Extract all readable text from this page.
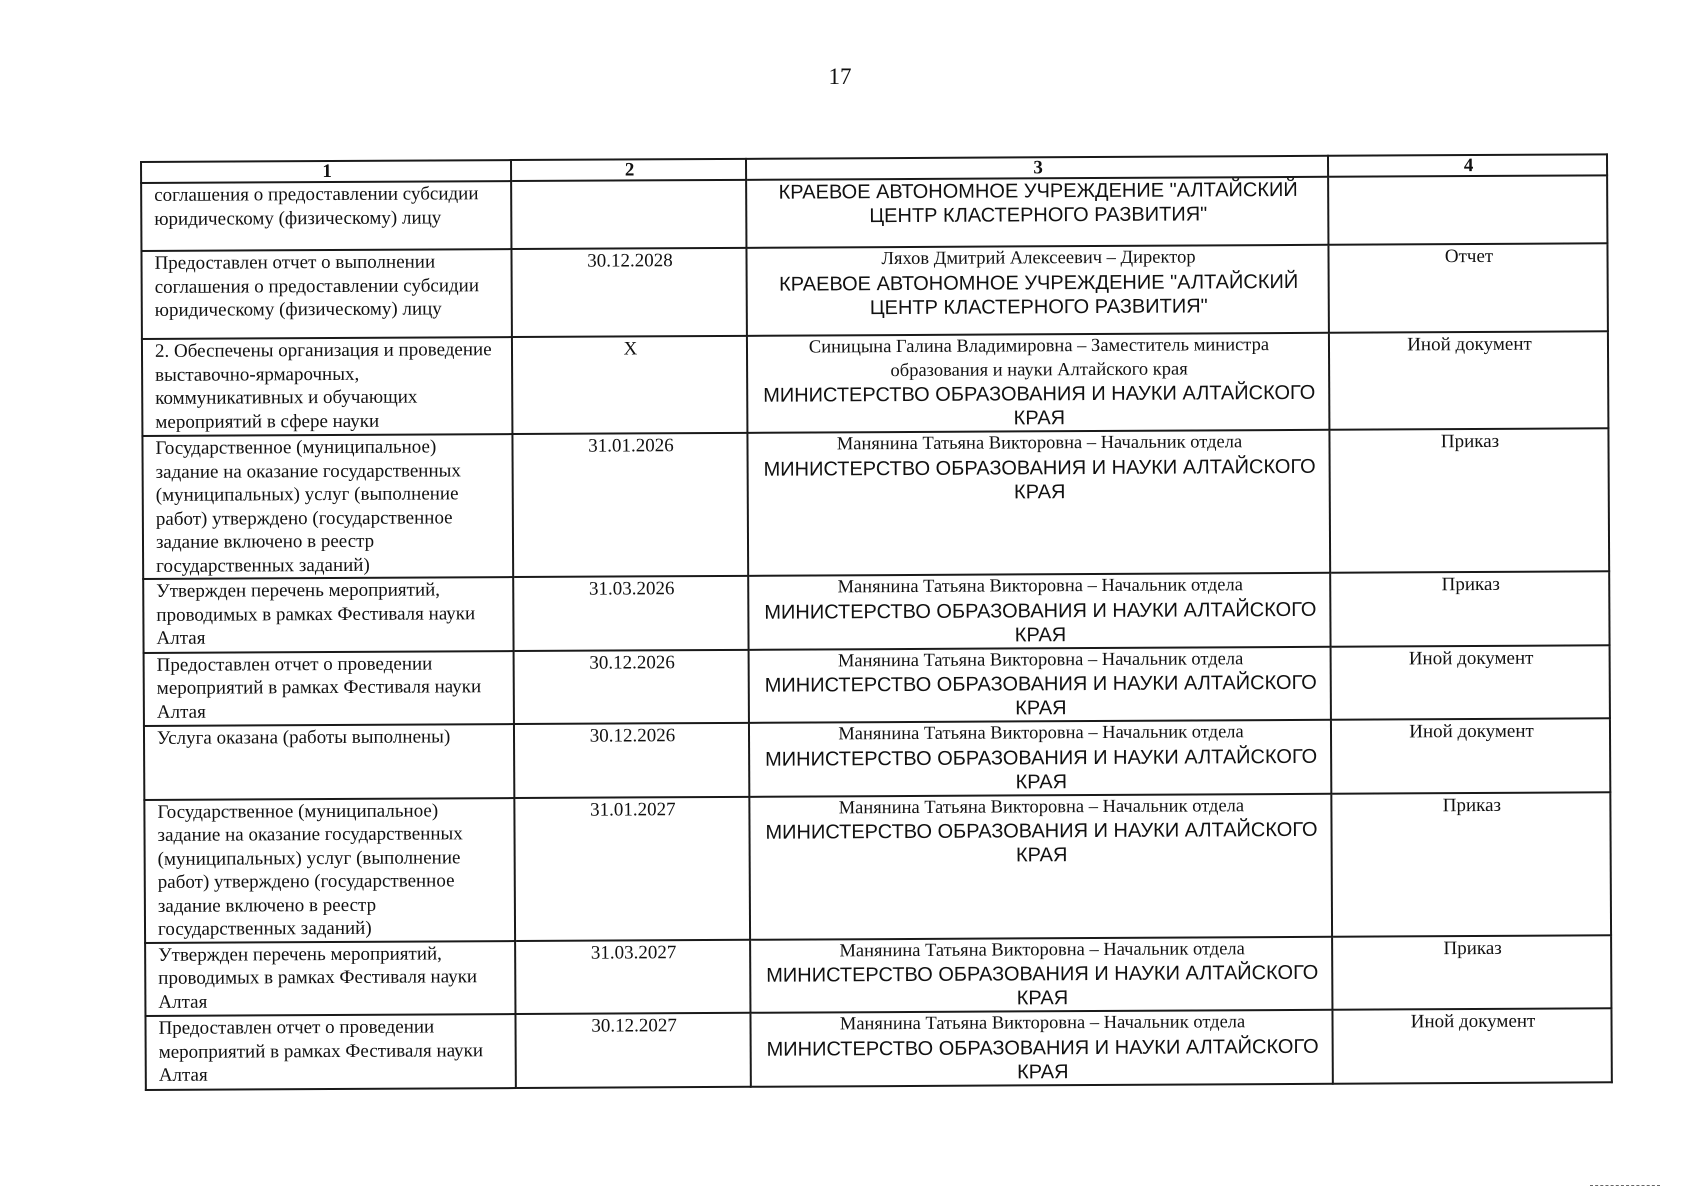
17
1	2	3	4
соглашения о предоставлении субсидии юридическому (физическому) лицу		КРАЕВОЕ АВТОНОМНОЕ УЧРЕЖДЕНИЕ "АЛТАЙСКИЙ ЦЕНТР КЛАСТЕРНОГО РАЗВИТИЯ"	

Предоставлен отчет о выполнении соглашения о предоставлении субсидии юридическому (физическому) лицу	30.12.2028	Ляхов Дмитрий Алексеевич – Директор
КРАЕВОЕ АВТОНОМНОЕ УЧРЕЖДЕНИЕ "АЛТАЙСКИЙ ЦЕНТР КЛАСТЕРНОГО РАЗВИТИЯ"	Отчет
2. Обеспечены организация и проведение выставочно-ярмарочных, коммуникативных и обучающих мероприятий в сфере науки	X	Синицына Галина Владимировна – Заместитель министра образования и науки Алтайского края
МИНИСТЕРСТВО ОБРАЗОВАНИЯ И НАУКИ АЛТАЙСКОГО КРАЯ	Иной документ
Государственное (муниципальное) задание на оказание государственных (муниципальных) услуг (выполнение работ) утверждено (государственное задание включено в реестр государственных заданий)	31.01.2026	Манянина Татьяна Викторовна – Начальник отдела
МИНИСТЕРСТВО ОБРАЗОВАНИЯ И НАУКИ АЛТАЙСКОГО КРАЯ	Приказ
Утвержден перечень мероприятий, проводимых в рамках Фестиваля науки Алтая	31.03.2026	Манянина Татьяна Викторовна – Начальник отдела
МИНИСТЕРСТВО ОБРАЗОВАНИЯ И НАУКИ АЛТАЙСКОГО КРАЯ	Приказ
Предоставлен отчет о проведении мероприятий в рамках Фестиваля науки Алтая	30.12.2026	Манянина Татьяна Викторовна – Начальник отдела
МИНИСТЕРСТВО ОБРАЗОВАНИЯ И НАУКИ АЛТАЙСКОГО КРАЯ	Иной документ
Услуга оказана (работы выполнены)	30.12.2026	Манянина Татьяна Викторовна – Начальник отдела
МИНИСТЕРСТВО ОБРАЗОВАНИЯ И НАУКИ АЛТАЙСКОГО КРАЯ	Иной документ
Государственное (муниципальное) задание на оказание государственных (муниципальных) услуг (выполнение работ) утверждено (государственное задание включено в реестр государственных заданий)	31.01.2027	Манянина Татьяна Викторовна – Начальник отдела
МИНИСТЕРСТВО ОБРАЗОВАНИЯ И НАУКИ АЛТАЙСКОГО КРАЯ	Приказ
Утвержден перечень мероприятий, проводимых в рамках Фестиваля науки Алтая	31.03.2027	Манянина Татьяна Викторовна – Начальник отдела
МИНИСТЕРСТВО ОБРАЗОВАНИЯ И НАУКИ АЛТАЙСКОГО КРАЯ	Приказ
Предоставлен отчет о проведении мероприятий в рамках Фестиваля науки Алтая	30.12.2027	Манянина Татьяна Викторовна – Начальник отдела
МИНИСТЕРСТВО ОБРАЗОВАНИЯ И НАУКИ АЛТАЙСКОГО КРАЯ	Иной документ
